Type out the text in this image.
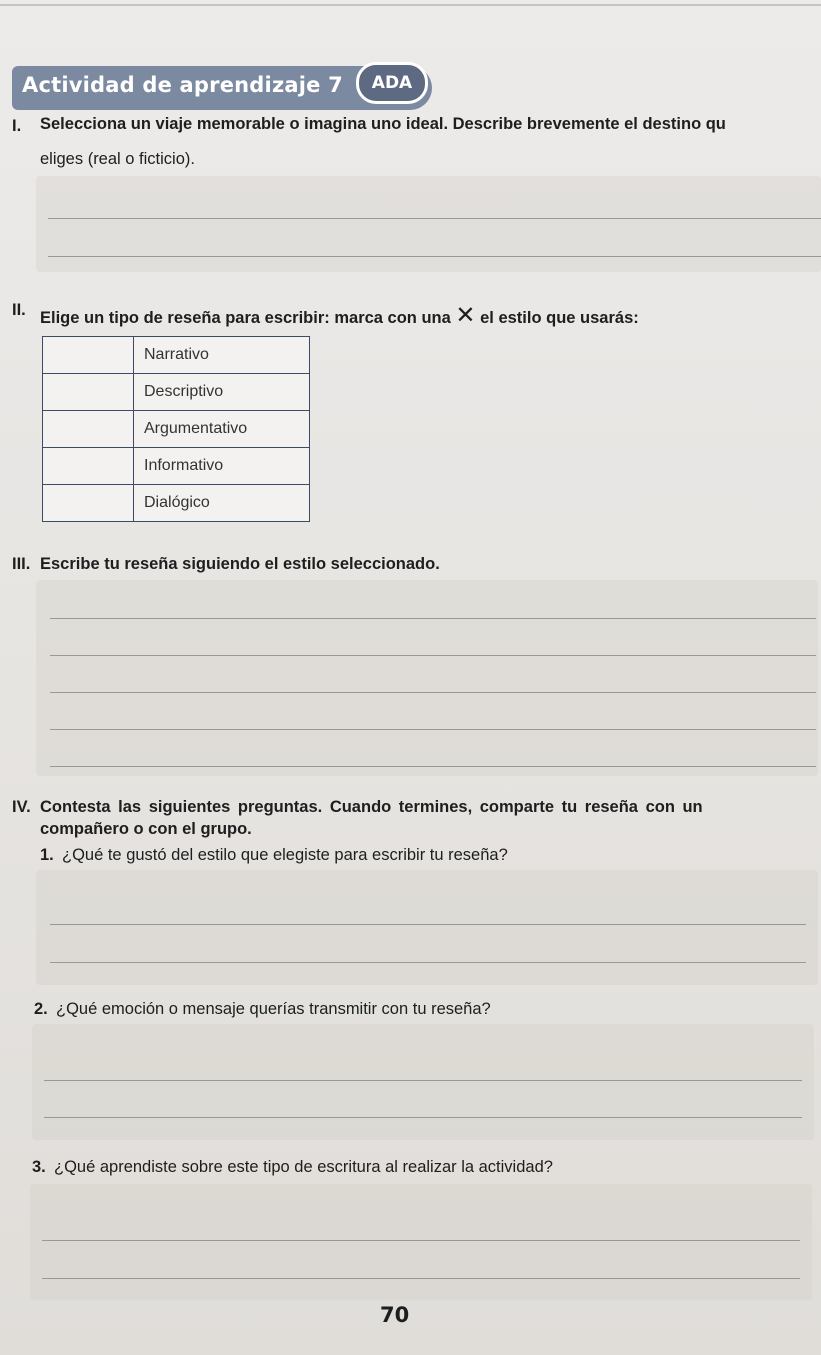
Actividad de aprendizaje 7	ADA
I. Selecciona un viaje memorable o imagina uno ideal. Describe brevemente el destino qu
eliges (real o ficticio).
II. Elige un tipo de reseña para escribir: marca con una ✕ el estilo que usarás:
	Narrativo
	Descriptivo
	Argumentativo
	Informativo
	Dialógico
III. Escribe tu reseña siguiendo el estilo seleccionado.
IV. Contesta las siguientes preguntas. Cuando termines, comparte tu reseña con un
compañero o con el grupo.
1. ¿Qué te gustó del estilo que elegiste para escribir tu reseña?
2. ¿Qué emoción o mensaje querías transmitir con tu reseña?
3. ¿Qué aprendiste sobre este tipo de escritura al realizar la actividad?
70
